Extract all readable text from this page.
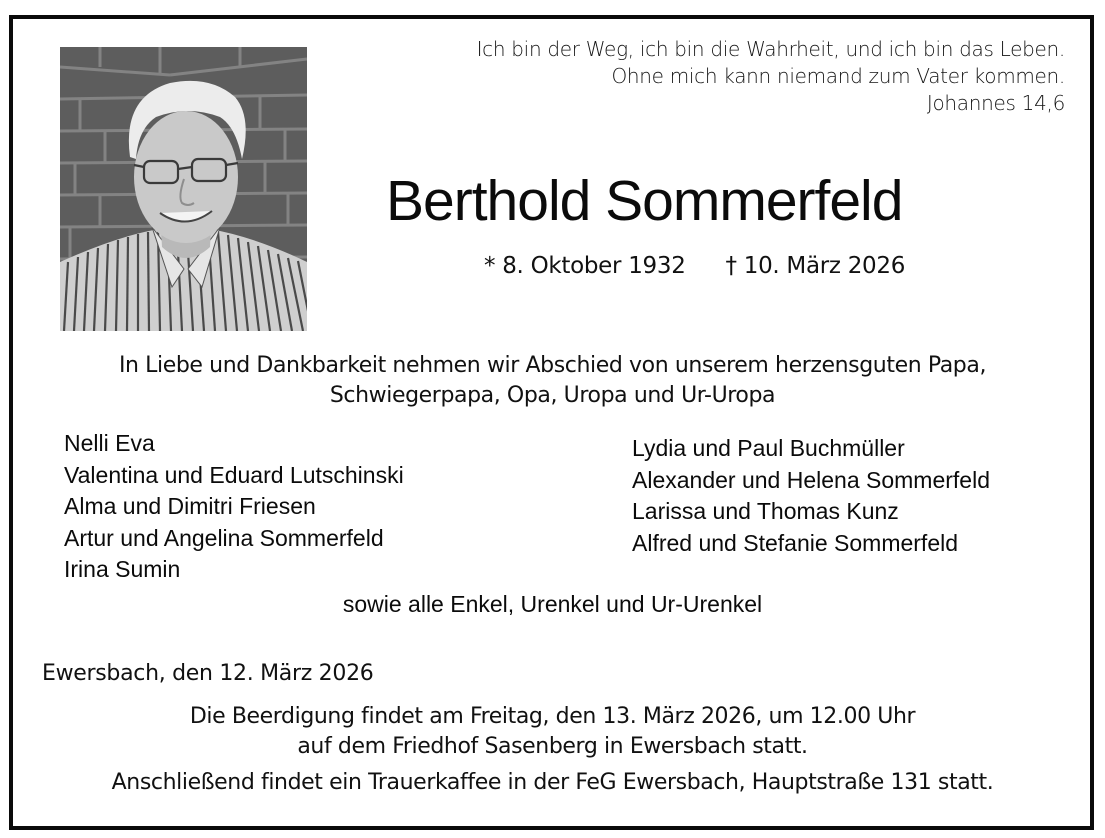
Ich bin der Weg, ich bin die Wahrheit, und ich bin das Leben.
Ohne mich kann niemand zum Vater kommen.
Johannes 14,6
Berthold Sommerfeld
* 8. Oktober 1932 † 10. März 2026
In Liebe und Dankbarkeit nehmen wir Abschied von unserem herzensguten Papa,
Schwiegerpapa, Opa, Uropa und Ur-Uropa
Nelli Eva
Valentina und Eduard Lutschinski
Alma und Dimitri Friesen
Artur und Angelina Sommerfeld
Irina Sumin
Lydia und Paul Buchmüller
Alexander und Helena Sommerfeld
Larissa und Thomas Kunz
Alfred und Stefanie Sommerfeld
sowie alle Enkel, Urenkel und Ur-Urenkel
Ewersbach, den 12. März 2026
Die Beerdigung findet am Freitag, den 13. März 2026, um 12.00 Uhr
auf dem Friedhof Sasenberg in Ewersbach statt.
Anschließend findet ein Trauerkaffee in der FeG Ewersbach, Hauptstraße 131 statt.
